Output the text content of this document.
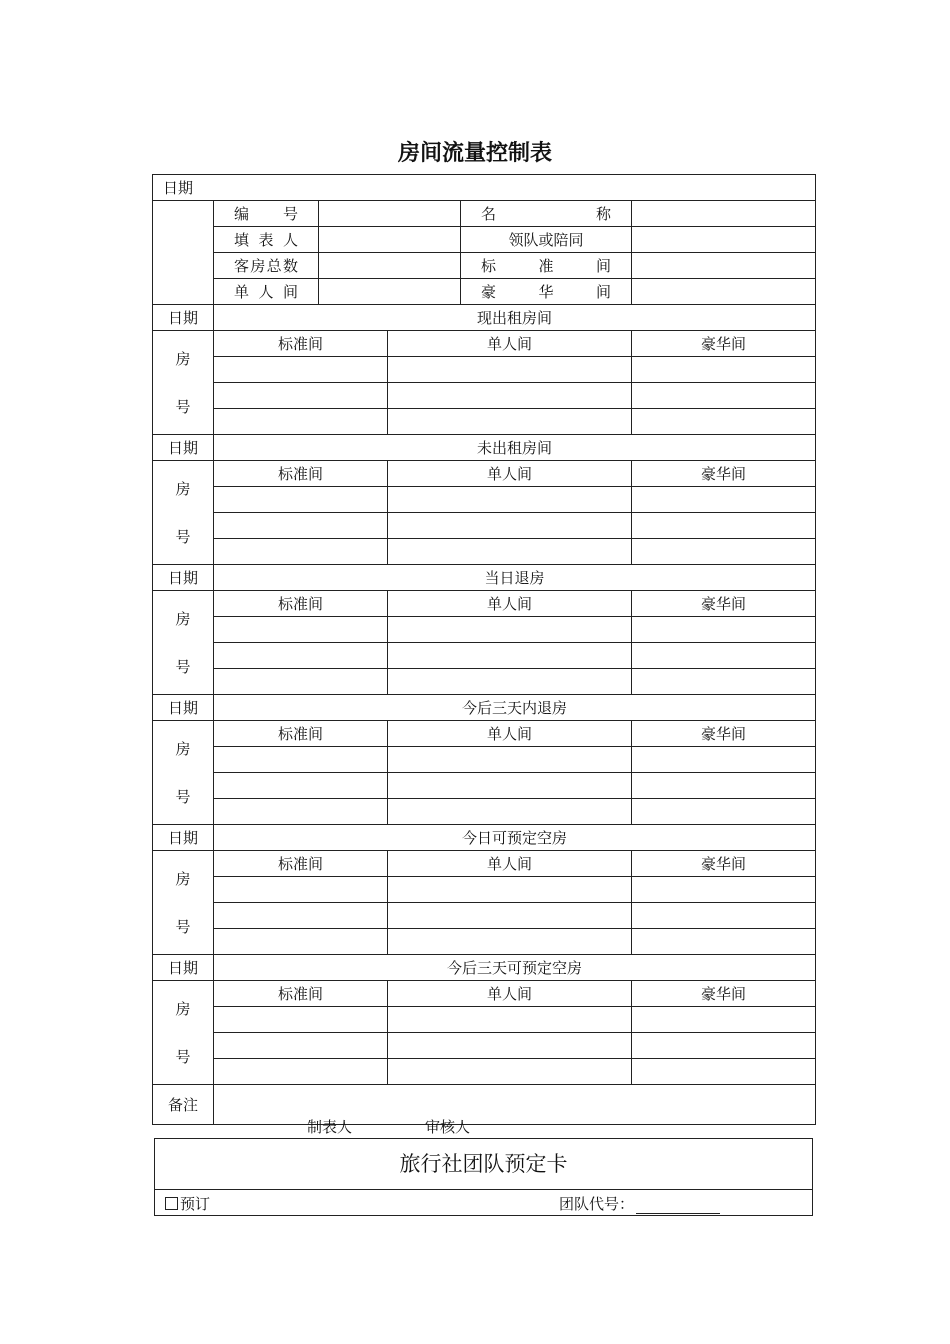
房间流量控制表
日期					
	编　　号			名　　称	
	填 表 人			领队或陪同	
	客房总数			标　准　间	
	单 人 间			豪　华　间	
日期	现出租房间				

房
号	标准间		单人间		豪华间

日期	未出租房间				

房
号	标准间		单人间		豪华间

日期	当日退房				

房
号	标准间		单人间		豪华间

日期	今后三天内退房				

房
号	标准间		单人间		豪华间

日期	今日可预定空房				

房
号	标准间		单人间		豪华间

日期	今后三天可预定空房				

房
号	标准间		单人间		豪华间

备注					
制表人	审核人
旅行社团队预定卡
预订	团队代号：
